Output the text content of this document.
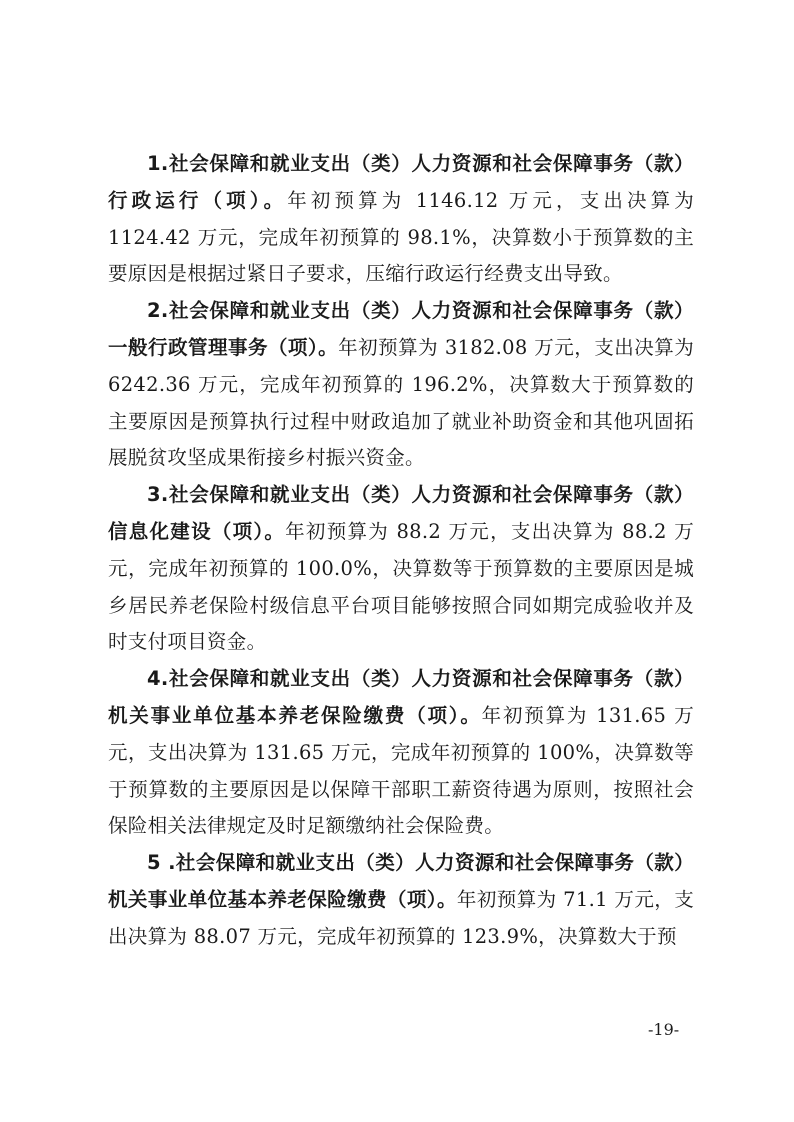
1.社会保障和就业支出（类）人力资源和社会保障事务（款）行政运行（项）。年初预算为 1146.12 万元，支出决算为 1124.42 万元，完成年初预算的 98.1%，决算数小于预算数的主要原因是根据过紧日子要求，压缩行政运行经费支出导致。

2.社会保障和就业支出（类）人力资源和社会保障事务（款）一般行政管理事务（项）。年初预算为 3182.08 万元，支出决算为 6242.36 万元，完成年初预算的 196.2%，决算数大于预算数的主要原因是预算执行过程中财政追加了就业补助资金和其他巩固拓展脱贫攻坚成果衔接乡村振兴资金。

3.社会保障和就业支出（类）人力资源和社会保障事务（款）信息化建设（项）。年初预算为 88.2 万元，支出决算为 88.2 万元，完成年初预算的 100.0%，决算数等于预算数的主要原因是城乡居民养老保险村级信息平台项目能够按照合同如期完成验收并及时支付项目资金。

4.社会保障和就业支出（类）人力资源和社会保障事务（款）机关事业单位基本养老保险缴费（项）。年初预算为 131.65 万元，支出决算为 131.65 万元，完成年初预算的 100%，决算数等于预算数的主要原因是以保障干部职工薪资待遇为原则，按照社会保险相关法律规定及时足额缴纳社会保险费。

5 .社会保障和就业支出（类）人力资源和社会保障事务（款）机关事业单位基本养老保险缴费（项）。年初预算为 71.1 万元，支出决算为 88.07 万元，完成年初预算的 123.9%，决算数大于预

-19-
